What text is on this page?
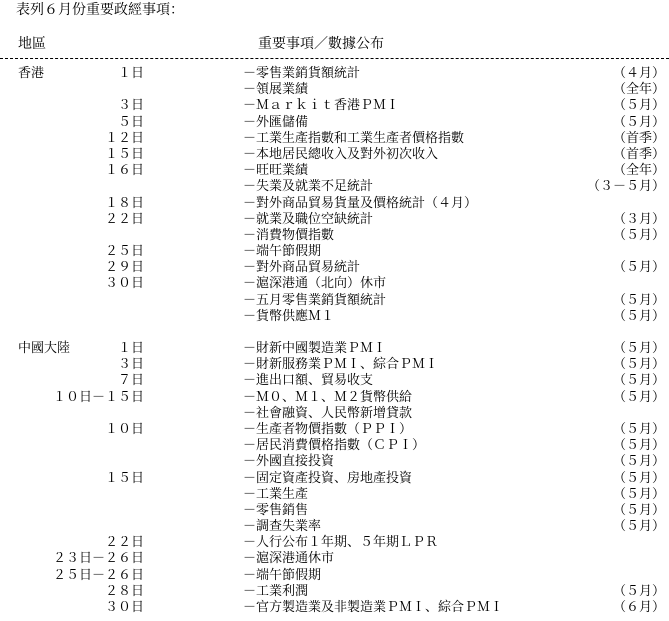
表列６月份重要政經事項：
地區	重要事項／數據公布
香港	１日	－零售業銷貨額統計	（４月）
－領展業績	（全年）
３日	－Ｍａｒｋｉｔ香港ＰＭＩ	（５月）
５日	－外匯儲備	（５月）
１２日	－工業生產指數和工業生產者價格指數	（首季）
１５日	－本地居民總收入及對外初次收入	（首季）
１６日	－旺旺業績	（全年）
－失業及就業不足統計	（３－５月）
１８日	－對外商品貿易貨量及價格統計（４月）
２２日	－就業及職位空缺統計	（３月）
－消費物價指數	（５月）
２５日	－端午節假期
２９日	－對外商品貿易統計	（５月）
３０日	－滬深港通（北向）休市
－五月零售業銷貨額統計	（５月）
－貨幣供應Ｍ１	（５月）
中國大陸	１日	－財新中國製造業ＰＭＩ	（５月）
３日	－財新服務業ＰＭＩ、綜合ＰＭＩ	（５月）
７日	－進出口額、貿易收支	（５月）
１０日－１５日	－Ｍ０、Ｍ１、Ｍ２貨幣供給	（５月）
－社會融資、人民幣新增貸款
１０日	－生產者物價指數（ＰＰＩ）	（５月）
－居民消費價格指數（ＣＰＩ）	（５月）
－外國直接投資	（５月）
１５日	－固定資產投資、房地產投資	（５月）
－工業生產	（５月）
－零售銷售	（５月）
－調查失業率	（５月）
２２日	－人行公布１年期、５年期ＬＰＲ
２３日－２６日	－滬深港通休市
２５日－２６日	－端午節假期
２８日	－工業利潤	（５月）
３０日	－官方製造業及非製造業ＰＭＩ、綜合ＰＭＩ	（６月）
